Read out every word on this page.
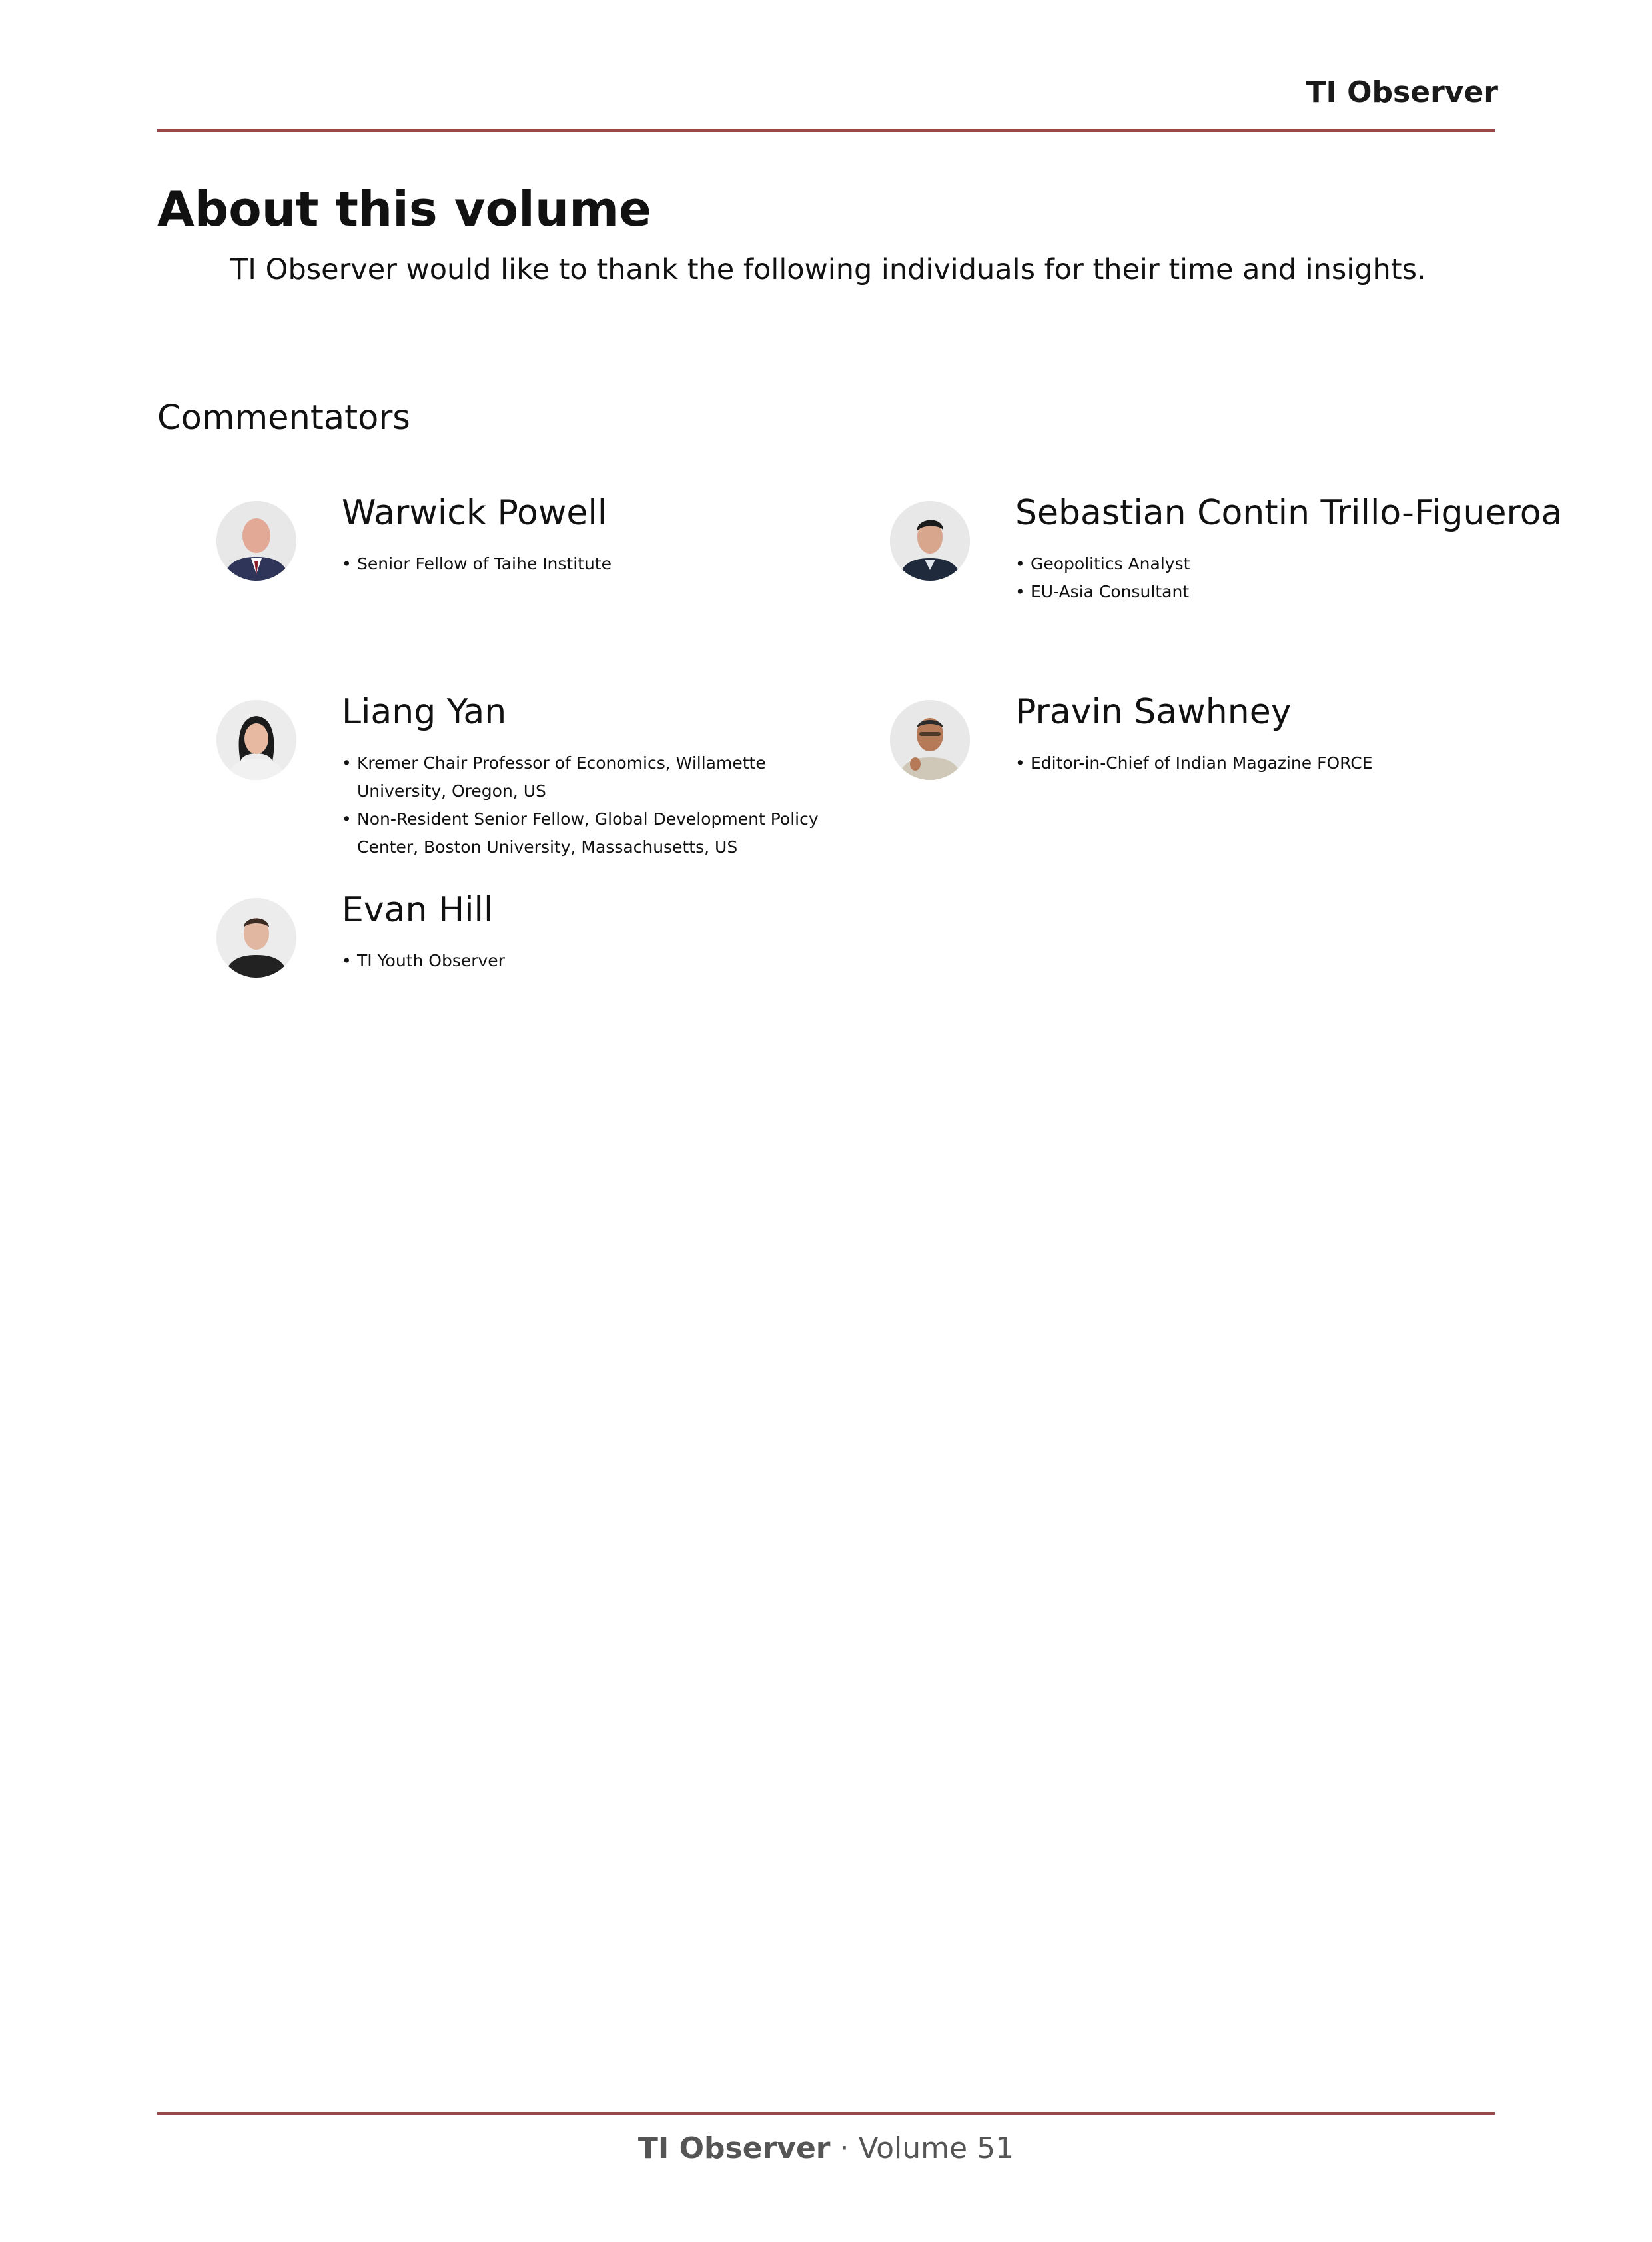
TI Observer
About this volume

TI Observer would like to thank the following individuals for their time and insights.

Commentators
Warwick Powell
• Senior Fellow of Taihe Institute
Sebastian Contin Trillo-Figueroa
• Geopolitics Analyst
• EU-Asia Consultant
Liang Yan
• Kremer Chair Professor of Economics, Willamette University, Oregon, US
• Non-Resident Senior Fellow, Global Development Policy Center, Boston University, Massachusetts, US
Pravin Sawhney
• Editor-in-Chief of Indian Magazine FORCE
Evan Hill
• TI Youth Observer
TI Observer · Volume 51
